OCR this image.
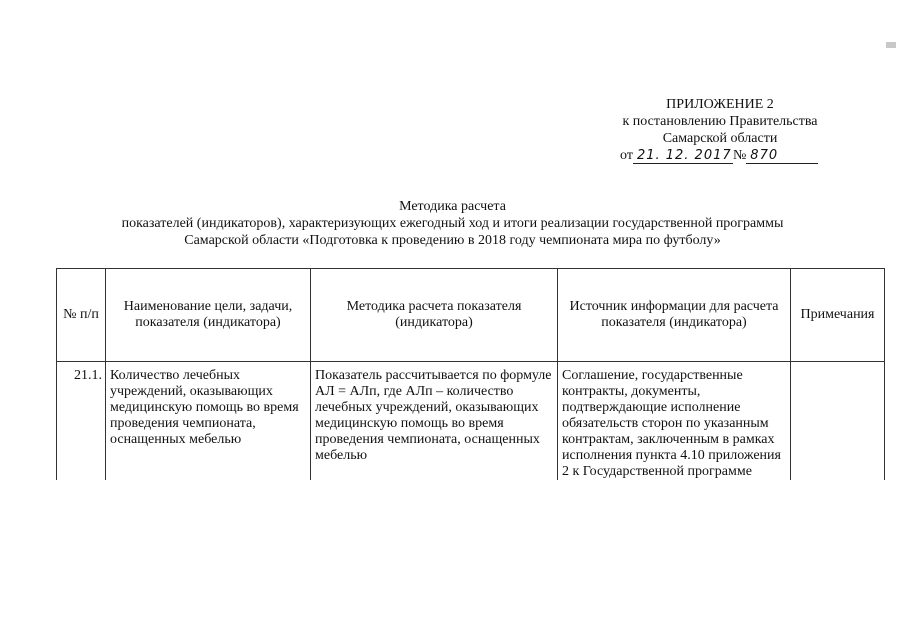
ПРИЛОЖЕНИЕ 2
к постановлению Правительства
Самарской области
от 21. 12. 2017№ 870
Методика расчета
показателей (индикаторов), характеризующих ежегодный ход и итоги реализации государственной программы
Самарской области «Подготовка к проведению в 2018 году чемпионата мира по футболу»
№ п/п	Наименование цели, задачи, показателя (индикатора)	Методика расчета показателя (индикатора)	Источник информации для расчета показателя (индикатора)	Примечания
21.1.	Количество лечебных учреждений, оказывающих медицинскую помощь во время проведения чемпионата, оснащенных мебелью	Показатель рассчитывается по формуле АЛ = АЛп, где АЛп – количество лечебных учреждений, оказывающих медицинскую помощь во время проведения чемпионата, оснащенных мебелью	Соглашение, государственные контракты, документы, подтверждающие исполнение обязательств сторон по указанным контрактам, заключенным в рамках исполнения пункта 4.10 приложения 2 к Государственной программе	
